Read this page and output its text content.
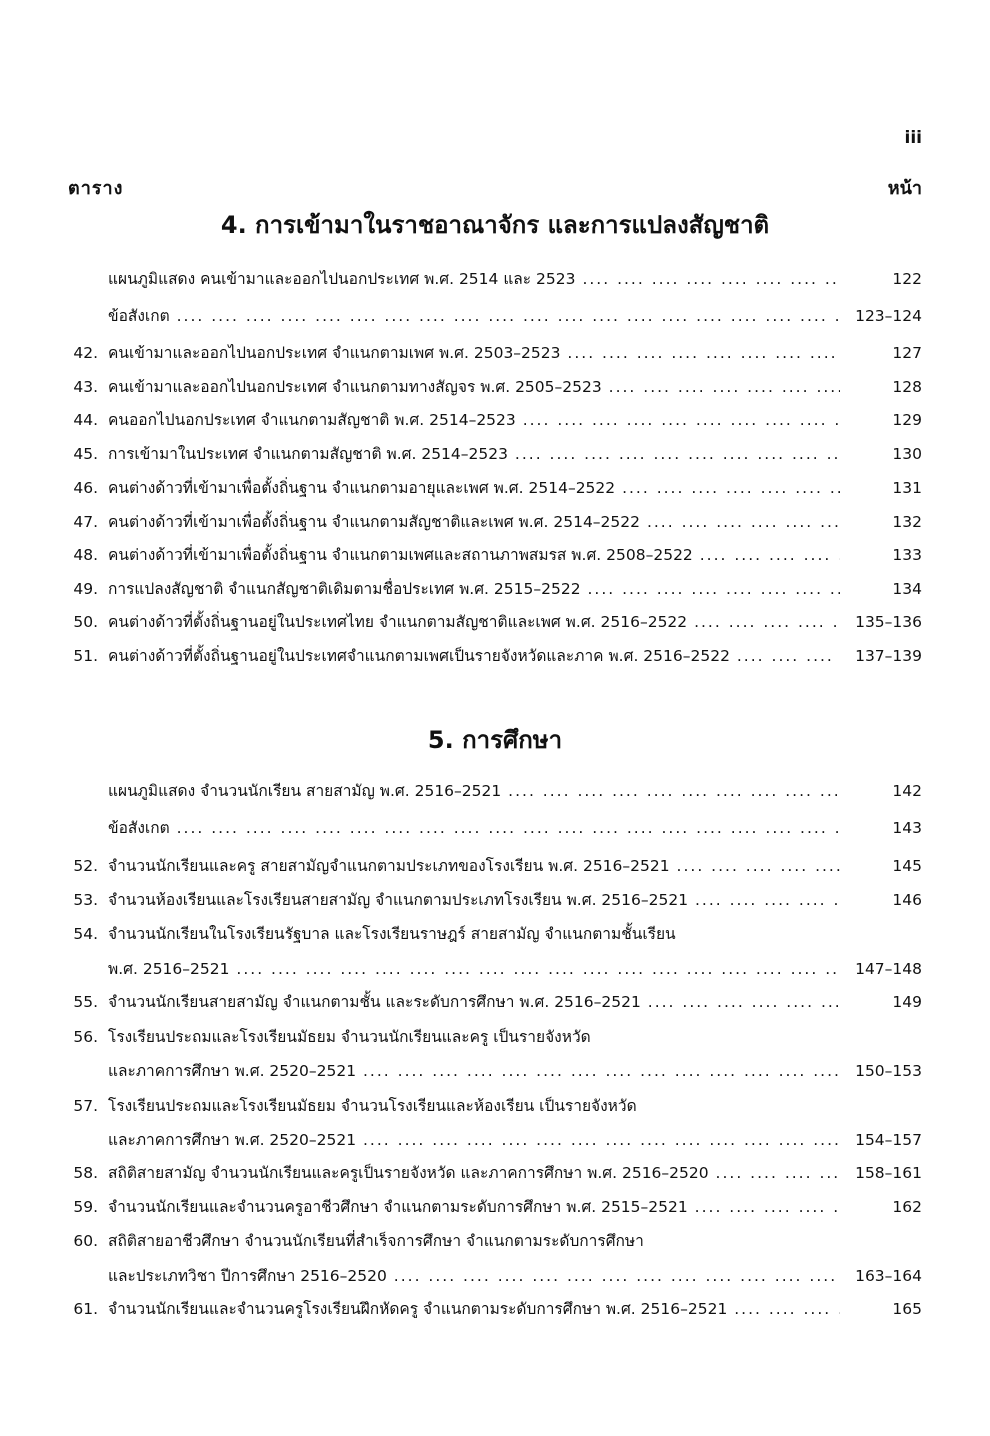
iii
ตาราง	หน้า
4. การเข้ามาในราชอาณาจักร และการแปลงสัญชาติ
แผนภูมิแสดง คนเข้ามาและออกไปนอกประเทศ พ.ศ. 2514 และ 2523 ....	122
ข้อสังเกต ....	123–124
42. คนเข้ามาและออกไปนอกประเทศ จำแนกตามเพศ พ.ศ. 2503–2523 ....	127
43. คนเข้ามาและออกไปนอกประเทศ จำแนกตามทางสัญจร พ.ศ. 2505–2523 ....	128
44. คนออกไปนอกประเทศ จำแนกตามสัญชาติ พ.ศ. 2514–2523 ....	129
45. การเข้ามาในประเทศ จำแนกตามสัญชาติ พ.ศ. 2514–2523 ....	130
46. คนต่างด้าวที่เข้ามาเพื่อตั้งถิ่นฐาน จำแนกตามอายุและเพศ พ.ศ. 2514–2522 ....	131
47. คนต่างด้าวที่เข้ามาเพื่อตั้งถิ่นฐาน จำแนกตามสัญชาติและเพศ พ.ศ. 2514–2522 ....	132
48. คนต่างด้าวที่เข้ามาเพื่อตั้งถิ่นฐาน จำแนกตามเพศและสถานภาพสมรส พ.ศ. 2508–2522 ....	133
49. การแปลงสัญชาติ จำแนกสัญชาติเดิมตามชื่อประเทศ พ.ศ. 2515–2522 ....	134
50. คนต่างด้าวที่ตั้งถิ่นฐานอยู่ในประเทศไทย จำแนกตามสัญชาติและเพศ พ.ศ. 2516–2522 ....	135–136
51. คนต่างด้าวที่ตั้งถิ่นฐานอยู่ในประเทศจำแนกตามเพศเป็นรายจังหวัดและภาค พ.ศ. 2516–2522 ....	137–139
5. การศึกษา
แผนภูมิแสดง จำนวนนักเรียน สายสามัญ พ.ศ. 2516–2521 ....	142
ข้อสังเกต ....	143
52. จำนวนนักเรียนและครู สายสามัญจำแนกตามประเภทของโรงเรียน พ.ศ. 2516–2521 ....	145
53. จำนวนห้องเรียนและโรงเรียนสายสามัญ จำแนกตามประเภทโรงเรียน พ.ศ. 2516–2521 ....	146
54. จำนวนนักเรียนในโรงเรียนรัฐบาล และโรงเรียนราษฎร์ สายสามัญ จำแนกตามชั้นเรียน
พ.ศ. 2516–2521 ....	147–148
55. จำนวนนักเรียนสายสามัญ จำแนกตามชั้น และระดับการศึกษา พ.ศ. 2516–2521 ....	149
56. โรงเรียนประถมและโรงเรียนมัธยม จำนวนนักเรียนและครู เป็นรายจังหวัด
และภาคการศึกษา พ.ศ. 2520–2521 ....	150–153
57. โรงเรียนประถมและโรงเรียนมัธยม จำนวนโรงเรียนและห้องเรียน เป็นรายจังหวัด
และภาคการศึกษา พ.ศ. 2520–2521 ....	154–157
58. สถิติสายสามัญ จำนวนนักเรียนและครูเป็นรายจังหวัด และภาคการศึกษา พ.ศ. 2516–2520 ....	158–161
59. จำนวนนักเรียนและจำนวนครูอาชีวศึกษา จำแนกตามระดับการศึกษา พ.ศ. 2515–2521 ....	162
60. สถิติสายอาชีวศึกษา จำนวนนักเรียนที่สำเร็จการศึกษา จำแนกตามระดับการศึกษา
และประเภทวิชา ปีการศึกษา 2516–2520 ....	163–164
61. จำนวนนักเรียนและจำนวนครูโรงเรียนฝึกหัดครู จำแนกตามระดับการศึกษา พ.ศ. 2516–2521 ....	165
